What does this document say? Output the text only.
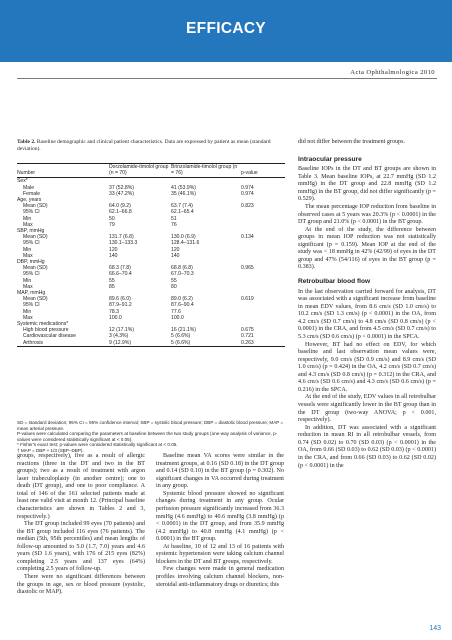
EFFICACY
Acta Ophthalmologica 2010
Table 2. Baseline demographic and clinical patient characteristics. Data are expressed by patient as mean (standard deviation).
Number	Dorzolamide-timolol group (n = 70)	Brinzolamide-timolol group (n = 76)	p-value
Sex*			
Male	37 (52.8%)	41 (53.9%)	0.974
Female	33 (47.2%)	35 (46.1%)	0.974
Age, years			
Mean (SD)	64.0 (9.2)	63.7 (7.4)	0.823
95% CI	62.1–66.8	62.1–65.4	
Min	50	51	
Max	79	76	
SBP, mmHg			
Mean (SD)	131.7 (6.8)	130.0 (6.9)	0.134
95% CI	130.1–133.3	128.4–131.6	
Min	120	120	
Max	140	140	
DBP, mmHg			
Mean (SD)	68.3 (7.8)	68.8 (6.8)	0.965
95% CI	66.6–70.4	67.0–70.3	
Min	55	55	
Max	85	80	
MAP, mmHg			
Mean (SD)	89.6 (6.0)	89.0 (6.2)	0.619
95% CI	87.9–91.2	87.6–90.4	
Min	78.3	77.6	
Max	100.0	100.0	
Systemic medications*			
High blood pressure	12 (17.1%)	16 (21.1%)	0.675
Cardiovascular disease	3 (4.3%)	5 (6.6%)	0.721
Arthrosis	9 (12.9%)	5 (6.6%)	0.263
SD = standard deviation; 95% CI = 95% confidence interval; SBP = systolic blood pressure; DBP = diastolic blood pressure; MAP = mean arterial pressure.
P-values were calculated comparing the parameters at baseline between the two study groups (one-way analysis of variance, p-values were considered statistically significant at < 0.05).
* Fisher's exact test; p-values were considered statistically significant at < 0.05.
† MAP = DBP + 1/3 (SBP–DBP).

groups, respectively), five as a result of allergic reactions (three in the DT and two in the BT groups); two as a result of treatment with argon laser trabeculoplasty (in another centre); one to death (DT group), and one to poor compliance. A total of 146 of the 161 selected patients made at least one valid visit at month 12. (Principal baseline characteristics are shown in Tables 2 and 3, respectively.)

The DT group included 99 eyes (70 patients) and the BT group included 116 eyes (76 patients). The median (5th, 95th percentiles) and mean lengths of follow-up amounted to 5.0 (1.7, 7.0) years and 4.6 years (SD 1.6 years), with 176 of 215 eyes (82%) completing 2.5 years and 137 eyes (64%) completing 2.5 years of follow-up.

There were no significant differences between the groups in age, sex or blood pressure (systolic, diastolic or MAP).

Baseline mean VA scores were similar in the treatment groups, at 0.16 (SD 0.18) in the DT group and 0.14 (SD 0.10) in the BT group (p = 0.302). No significant changes in VA occurred during treatment in any group.

Systemic blood pressure showed no significant changes during treatment in any group. Ocular perfusion pressure significantly increased from 36.3 mmHg (4.6 mmHg) to 40.6 mmHg (3.8 mmHg) (p < 0.0001) in the DT group, and from 35.9 mmHg (4.2 mmHg) to 40.8 mmHg (4.1 mmHg) (p < 0.0001) in the BT group.

At baseline, 10 of 12 and 13 of 16 patients with systemic hypertension were taking calcium channel blockers in the DT and BT groups, respectively.

Few changes were made in general medication profiles involving calcium channel blockers, non-steroidal anti-inflammatory drugs or diuretics; this

did not differ between the treatment groups.

Intraocular pressure

Baseline IOPs in the DT and BT groups are shown in Table 3. Mean baseline IOPs, at 22.7 mmHg (SD 1.2 mmHg) in the DT group and 22.8 mmHg (SD 1.2 mmHg) in the BT group, did not differ significantly (p = 0.529).

The mean percentage IOP reduction from baseline in observed cases at 5 years was 20.3% (p < 0.0001) in the DT group and 21.0% (p < 0.0001) in the BT group.

At the end of the study, the difference between groups in mean IOP reduction was not statistically significant (p = 0.159). Mean IOP at the end of the study was < 18 mmHg in 42% (42/99) of eyes in the DT group and 47% (54/116) of eyes in the BT group (p = 0.383).

Retrobulbar blood flow

In the last observation carried forward for analysis, DT was associated with a significant increase from baseline in mean EDV values, from 8.6 cm/s (SD 1.0 cm/s) to 10.2 cm/s (SD 1.3 cm/s) (p < 0.0001) in the OA, from 4.2 cm/s (SD 0.7 cm/s) to 4.8 cm/s (SD 0.8 cm/s) (p < 0.0001) in the CRA, and from 4.5 cm/s (SD 0.7 cm/s) to 5.3 cm/s (SD 0.6 cm/s) (p < 0.0001) in the SPCA.

However, BT had no effect on EDV, for which baseline and last observation mean values were, respectively, 9.0 cm/s (SD 0.9 cm/s) and 8.9 cm/s (SD 1.0 cm/s) (p = 0.424) in the OA, 4.2 cm/s (SD 0.7 cm/s) and 4.3 cm/s (SD 0.8 cm/s) (p = 0.312) in the CRA, and 4.6 cm/s (SD 0.6 cm/s) and 4.3 cm/s (SD 0.6 cm/s) (p = 0.216) in the SPCA.

At the end of the study, EDV values in all retrobulbar vessels were significantly lower in the BT group than in the DT group (two-way ANOVA; p < 0.001, respectively).

In addition, DT was associated with a significant reduction in mean RI in all retrobulbar vessels, from 0.74 (SD 0.02) to 0.70 (SD 0.03) (p < 0.0001) in the OA, from 0.66 (SD 0.03) to 0.62 (SD 0.03) (p < 0.0001) in the CRA, and from 0.66 (SD 0.03) to 0.62 (SD 0.02) (p < 0.0001) in the

143
